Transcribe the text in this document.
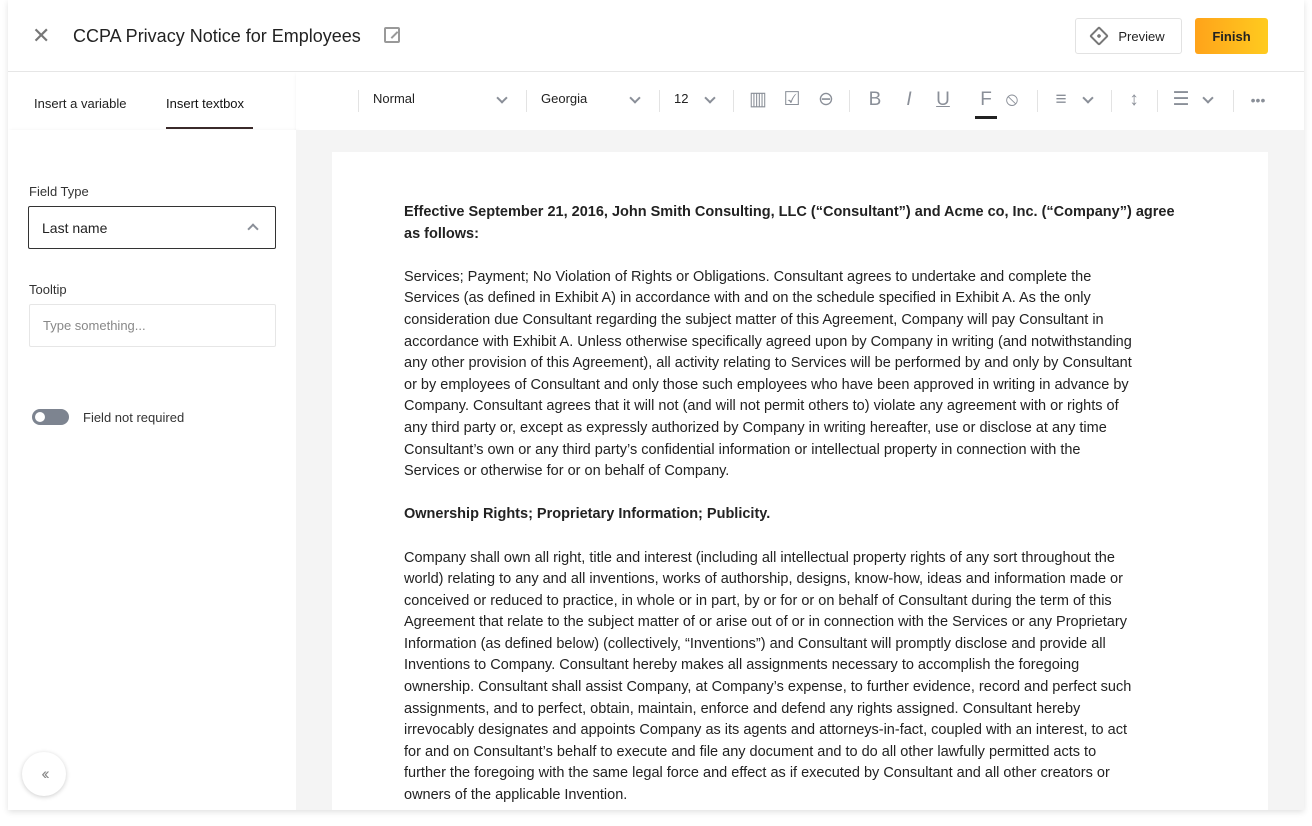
✕ CCPA Privacy Notice for Employees	Preview	Finish
Insert a variable	Insert textbox	Normal	Georgia	12	▥ ☑ ⊖ B	I	U F ⦸ ≡	↕	☰	•••
Field Type
Last name
Tooltip
Type something...
Field not required
‹‹
Effective September 21, 2016, John Smith Consulting, LLC (“Consultant”) and Acme co, Inc. (“Company”) agree
as follows:
Services; Payment; No Violation of Rights or Obligations. Consultant agrees to undertake and complete the
Services (as defined in Exhibit A) in accordance with and on the schedule specified in Exhibit A. As the only
consideration due Consultant regarding the subject matter of this Agreement, Company will pay Consultant in
accordance with Exhibit A. Unless otherwise specifically agreed upon by Company in writing (and notwithstanding
any other provision of this Agreement), all activity relating to Services will be performed by and only by Consultant
or by employees of Consultant and only those such employees who have been approved in writing in advance by
Company. Consultant agrees that it will not (and will not permit others to) violate any agreement with or rights of
any third party or, except as expressly authorized by Company in writing hereafter, use or disclose at any time
Consultant’s own or any third party’s confidential information or intellectual property in connection with the
Services or otherwise for or on behalf of Company.
Ownership Rights; Proprietary Information; Publicity.
Company shall own all right, title and interest (including all intellectual property rights of any sort throughout the
world) relating to any and all inventions, works of authorship, designs, know-how, ideas and information made or
conceived or reduced to practice, in whole or in part, by or for or on behalf of Consultant during the term of this
Agreement that relate to the subject matter of or arise out of or in connection with the Services or any Proprietary
Information (as defined below) (collectively, “Inventions”) and Consultant will promptly disclose and provide all
Inventions to Company. Consultant hereby makes all assignments necessary to accomplish the foregoing
ownership. Consultant shall assist Company, at Company’s expense, to further evidence, record and perfect such
assignments, and to perfect, obtain, maintain, enforce and defend any rights assigned. Consultant hereby
irrevocably designates and appoints Company as its agents and attorneys-in-fact, coupled with an interest, to act
for and on Consultant’s behalf to execute and file any document and to do all other lawfully permitted acts to
further the foregoing with the same legal force and effect as if executed by Consultant and all other creators or
owners of the applicable Invention.
